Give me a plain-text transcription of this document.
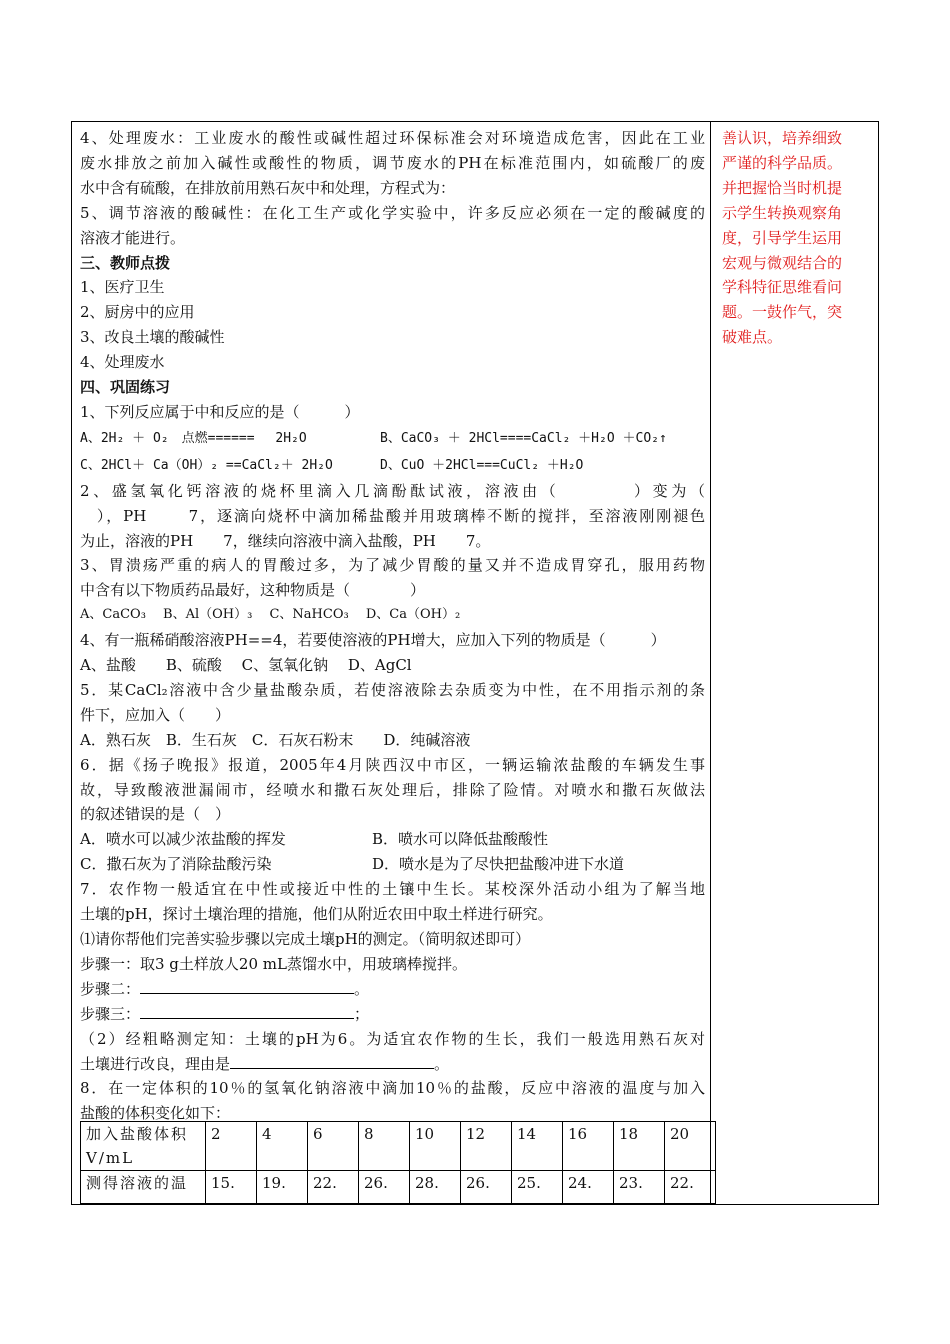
4、处理废水：工业废水的酸性或碱性超过环保标准会对环境造成危害，因此在工业

废水排放之前加入碱性或酸性的物质，调节废水的PH在标准范围内，如硫酸厂的废

水中含有硫酸，在排放前用熟石灰中和处理，方程式为：

5、调节溶液的酸碱性：在化工生产或化学实验中，许多反应必须在一定的酸碱度的

溶液才能进行。

三、教师点拨

1、医疗卫生

2、厨房中的应用

3、改良土壤的酸碱性

4、处理废水

四、巩固练习

1、下列反应属于中和反应的是（　　　）

A、2H₂ ＋ O₂　点燃======　 2H₂O	B、CaCO₃ ＋ 2HCl====CaCl₂ ＋H₂O ＋CO₂↑

C、2HCl＋ Ca（OH）₂ ==CaCl₂＋ 2H₂O	D、CuO ＋2HCl===CuCl₂ ＋H₂O

2、盛氢氧化钙溶液的烧杯里滴入几滴酚酞试液，溶液由（　　　　）变为（

　），PH　　 7，逐滴向烧杯中滴加稀盐酸并用玻璃棒不断的搅拌，至溶液刚刚褪色

为止，溶液的PH　　7，继续向溶液中滴入盐酸，PH　　7。

3、胃溃疡严重的病人的胃酸过多，为了减少胃酸的量又并不造成胃穿孔，服用药物

中含有以下物质药品最好，这种物质是（　　　　）

A、CaCO₃　 B、Al（OH）₃　 C、NaHCO₃　 D、Ca（OH）₂

4、有一瓶稀硝酸溶液PH==4，若要使溶液的PH增大，应加入下列的物质是（　　　）

A、盐酸　　B、硫酸　 C、氢氧化钠　 D、AgCl

5．某CaCl₂溶液中含少量盐酸杂质，若使溶液除去杂质变为中性，在不用指示剂的条

件下，应加入（　　）

A．熟石灰　B．生石灰　C．石灰石粉末　　D．纯碱溶液

6．据《扬子晚报》报道，2005年4月陕西汉中市区，一辆运输浓盐酸的车辆发生事

故，导致酸液泄漏闹市，经喷水和撒石灰处理后，排除了险情。对喷水和撒石灰做法

的叙述错误的是（　）

A．喷水可以减少浓盐酸的挥发	B．喷水可以降低盐酸酸性

C．撒石灰为了消除盐酸污染	D．喷水是为了尽快把盐酸冲进下水道

7．农作物一般适宜在中性或接近中性的土镶中生长。某校深外活动小组为了解当地

土壤的pH，探讨土壤治理的措施，他们从附近农田中取土样进行研究。

⑴请你帮他们完善实验步骤以完成土壤pH的测定。（简明叙述即可）

步骤一：取3 g土样放人20 mL蒸馏水中，用玻璃棒搅拌。

步骤二：	。

步骤三：	；

（2）经粗略测定知：土壤的pH为6。为适宜农作物的生长，我们一般选用熟石灰对

土壤进行改良，理由是	。

8．在一定体积的10％的氢氧化钠溶液中滴加10％的盐酸，反应中溶液的温度与加入

盐酸的体积变化如下：

善认识，培养细致

严谨的科学品质。

并把握恰当时机提

示学生转换观察角

度，引导学生运用

宏观与微观结合的

学科特征思维看问

题。一鼓作气，突

破难点。

加入盐酸体积V/mL	2	4	6	8	10	12	14	16	18	20
测得溶液的温	15.	19.	22.	26.	28.	26.	25.	24.	23.	22.
